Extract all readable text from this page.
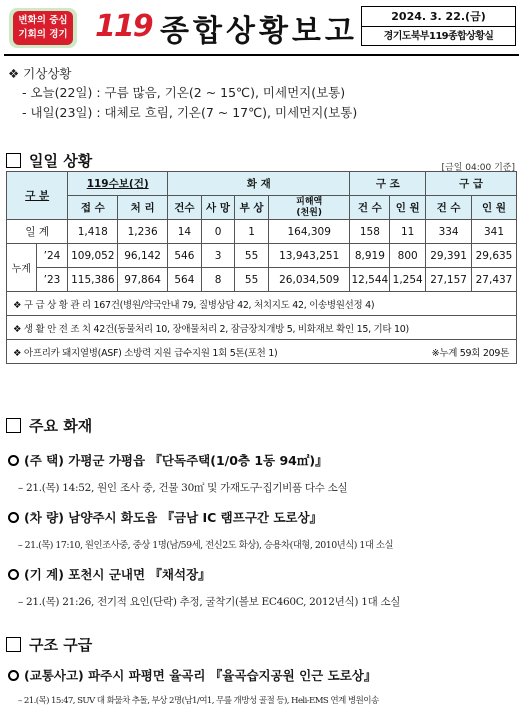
변화의 중심
기회의 경기 119 종합상황보고	2024. 3. 22.(금)
경기도북부119종합상황실
❖ 기상상황
- 오늘(22일) : 구름 많음, 기온(2 ~ 15℃), 미세먼지(보통)
- 내일(23일) : 대체로 흐림, 기온(7 ~ 17℃), 미세먼지(보통)
일일 상황	[금일 04:00 기준]
구 분		119수보(건)		화 재				구 조		구 급	
		접 수	처 리	건수	사 망	부 상	피해액
(천원)	건 수	인 원	건 수	인 원
일 계		1,418	1,236	14	0	1	164,309	158	11	334	341
누계	’24	109,052	96,142	546	3	55	13,943,251	8,919	800	29,391	29,635
	’23	115,386	97,864	564	8	55	26,034,509	12,544	1,254	27,157	27,437
❖ 구 급 상 황 관 리 167건(병원/약국안내 79, 질병상담 42, 처치지도 42, 이송병원선정 4)											
❖ 생 활 안 전 조 치 42건(동물처리 10, 장애물처리 2, 잠금장치개방 5, 비화재보 확인 15, 기타 10)											
❖ 아프리카 돼지열병(ASF) 소방력 지원 급수지원 1회 5톤(포천 1) ※누계 59회 209톤											
주요 화재
(주 택) 가평군 가평읍 『단독주택(1/0층 1동 94㎡)』
– 21.(목) 14:52, 원인 조사 중, 건물 30㎡ 및 가재도구·집기비품 다수 소실
(차 량) 남양주시 화도읍 『금남 IC 램프구간 도로상』
– 21.(목) 17:10, 원인조사중, 중상 1명(남/59세, 전신2도 화상), 승용차(대형, 2010년식) 1대 소실
(기 계) 포천시 군내면 『채석장』
– 21.(목) 21:26, 전기적 요인(단락) 추정, 굴착기(볼보 EC460C, 2012년식) 1대 소실
구조 구급
(교통사고) 파주시 파평면 율곡리 『율곡습지공원 인근 도로상』
– 21.(목) 15:47, SUV 대 화물차 추돌, 부상 2명(남1/여1, 무릎 개방성 골절 등), Heli-EMS 연계 병원이송
